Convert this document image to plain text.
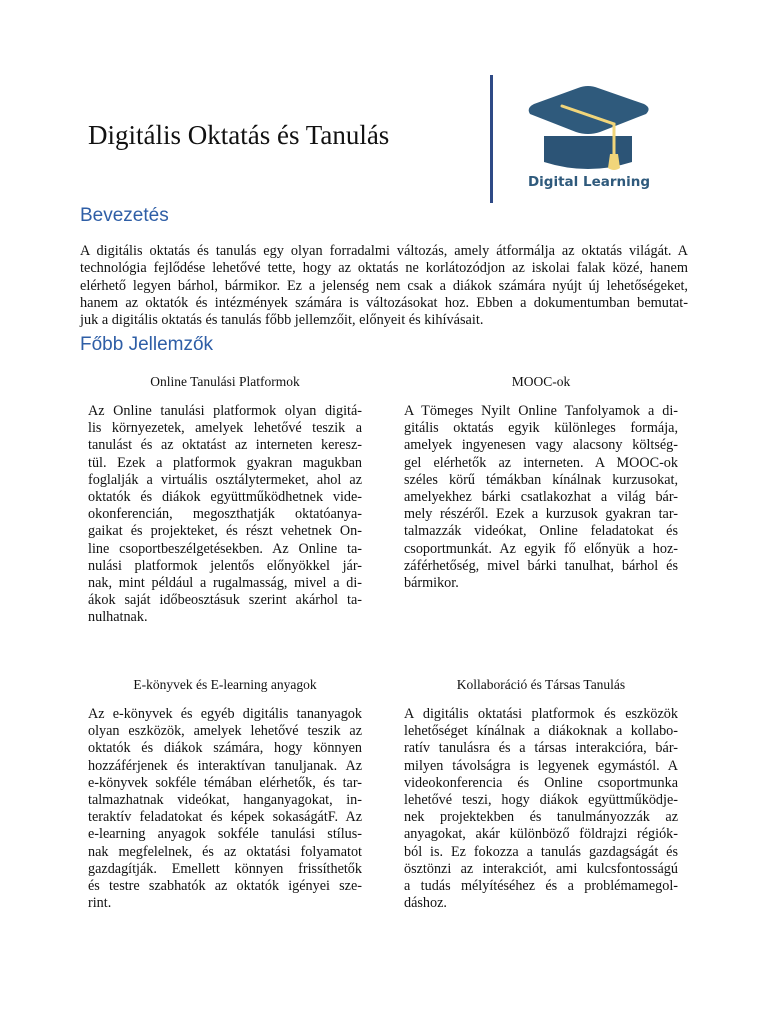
Digitális Oktatás és Tanulás
Digital Learning
Bevezetés
A digitális oktatás és tanulás egy olyan forradalmi változás, amely átformálja az oktatás világát. A
technológia fejlődése lehetővé tette, hogy az oktatás ne korlátozódjon az iskolai falak közé, hanem
elérhető legyen bárhol, bármikor. Ez a jelenség nem csak a diákok számára nyújt új lehetőségeket,
hanem az oktatók és intézmények számára is változásokat hoz. Ebben a dokumentumban bemutat-
juk a digitális oktatás és tanulás főbb jellemzőit, előnyeit és kihívásait.
Főbb Jellemzők
Online Tanulási Platformok
Az Online tanulási platformok olyan digitá-
lis környezetek, amelyek lehetővé teszik a
tanulást és az oktatást az interneten keresz-
tül. Ezek a platformok gyakran magukban
foglalják a virtuális osztálytermeket, ahol az
oktatók és diákok együttműködhetnek vide-
okonferencián, megoszthatják oktatóanya-
gaikat és projekteket, és részt vehetnek On-
line csoportbeszélgetésekben. Az Online ta-
nulási platformok jelentős előnyökkel jár-
nak, mint például a rugalmasság, mivel a di-
ákok saját időbeosztásuk szerint akárhol ta-
nulhatnak.
MOOC-ok
A Tömeges Nyilt Online Tanfolyamok a di-
gitális oktatás egyik különleges formája,
amelyek ingyenesen vagy alacsony költség-
gel elérhetők az interneten. A MOOC-ok
széles körű témákban kínálnak kurzusokat,
amelyekhez bárki csatlakozhat a világ bár-
mely részéről. Ezek a kurzusok gyakran tar-
talmazzák videókat, Online feladatokat és
csoportmunkát. Az egyik fő előnyük a hoz-
záférhetőség, mivel bárki tanulhat, bárhol és
bármikor.
E-könyvek és E-learning anyagok
Az e-könyvek és egyéb digitális tananyagok
olyan eszközök, amelyek lehetővé teszik az
oktatók és diákok számára, hogy könnyen
hozzáférjenek és interaktívan tanuljanak. Az
e-könyvek sokféle témában elérhetők, és tar-
talmazhatnak videókat, hanganyagokat, in-
teraktív feladatokat és képek sokaságátF. Az
e-learning anyagok sokféle tanulási stílus-
nak megfelelnek, és az oktatási folyamatot
gazdagítják. Emellett könnyen frissíthetők
és testre szabhatók az oktatók igényei sze-
rint.
Kollaboráció és Társas Tanulás
A digitális oktatási platformok és eszközök
lehetőséget kínálnak a diákoknak a kollabo-
ratív tanulásra és a társas interakcióra, bár-
milyen távolságra is legyenek egymástól. A
videokonferencia és Online csoportmunka
lehetővé teszi, hogy diákok együttműködje-
nek projektekben és tanulmányozzák az
anyagokat, akár különböző földrajzi régiók-
ból is. Ez fokozza a tanulás gazdagságát és
ösztönzi az interakciót, ami kulcsfontosságú
a tudás mélyítéséhez és a problémamegol-
dáshoz.
